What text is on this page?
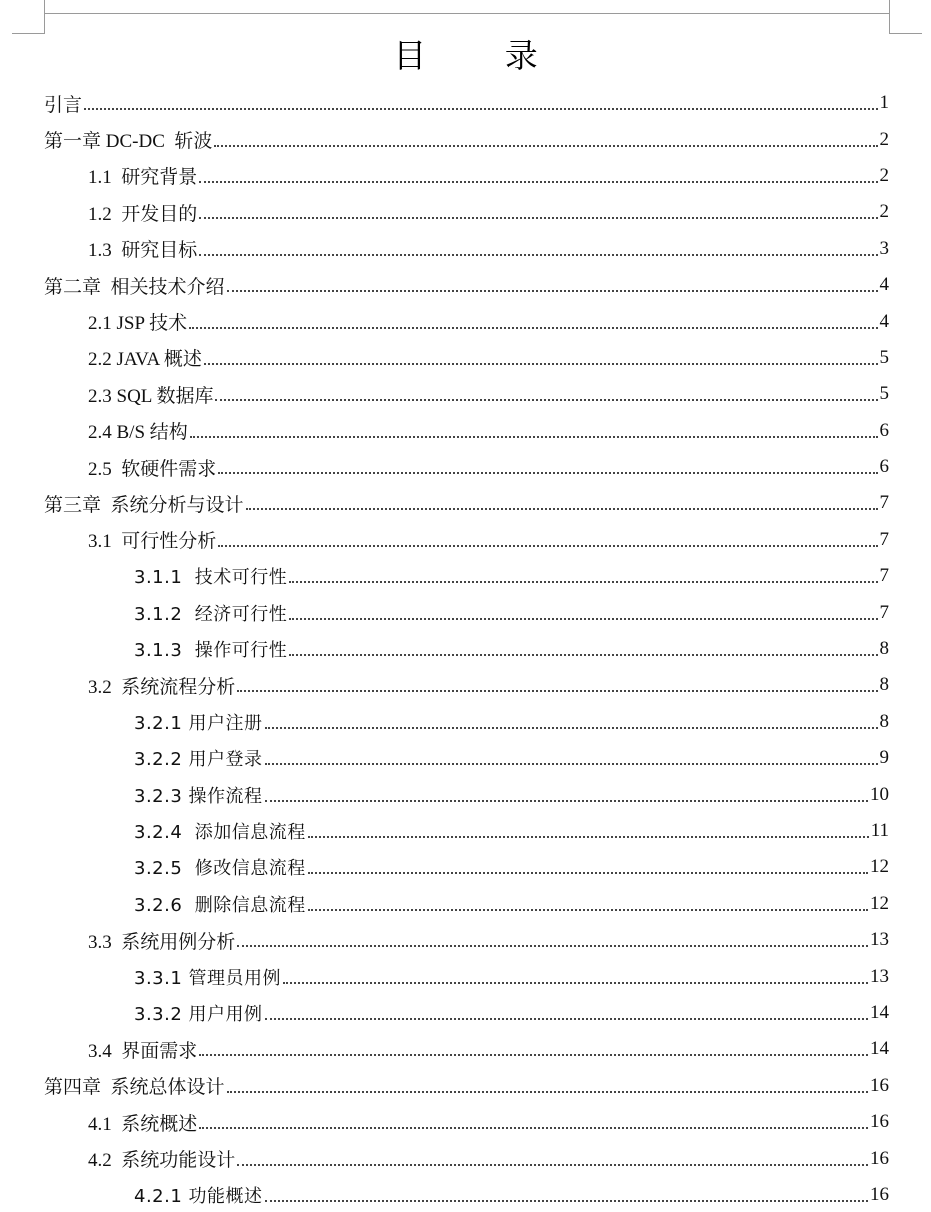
目 录
引言	1
第一章 DC-DC  斩波	2
1.1  研究背景	2
1.2  开发目的	2
1.3  研究目标	3
第二章  相关技术介绍	4
2.1 JSP 技术	4
2.2 JAVA 概述	5
2.3 SQL 数据库	5
2.4 B/S 结构	6
2.5  软硬件需求	6
第三章  系统分析与设计	7
3.1  可行性分析	7
3.1.1  技术可行性	7
3.1.2  经济可行性	7
3.1.3  操作可行性	8
3.2  系统流程分析	8
3.2.1 用户注册	8
3.2.2 用户登录	9
3.2.3 操作流程	10
3.2.4  添加信息流程	11
3.2.5  修改信息流程	12
3.2.6  删除信息流程	12
3.3  系统用例分析	13
3.3.1 管理员用例	13
3.3.2 用户用例	14
3.4  界面需求	14
第四章  系统总体设计	16
4.1  系统概述	16
4.2  系统功能设计	16
4.2.1 功能概述	16
